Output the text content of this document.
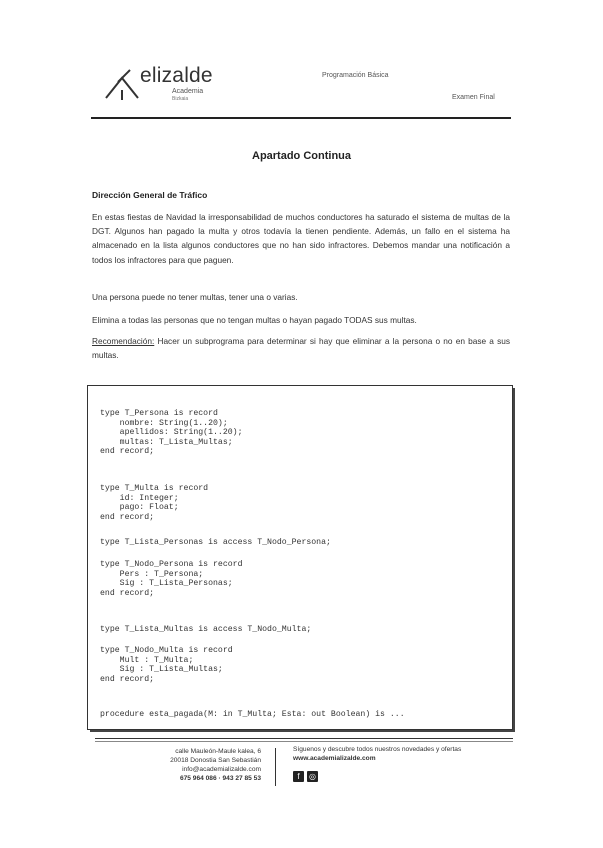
elizalde
Academia
Bizkaia
Programación Básica
Examen Final
Apartado Continua
Dirección General de Tráfico
En estas fiestas de Navidad la irresponsabilidad de muchos conductores ha saturado el sistema de multas de la DGT. Algunos han pagado la multa y otros todavía la tienen pendiente. Además, un fallo en el sistema ha almacenado en la lista algunos conductores que no han sido infractores. Debemos mandar una notificación a todos los infractores para que paguen.
Una persona puede no tener multas, tener una o varias.
Elimina a todas las personas que no tengan multas o hayan pagado TODAS sus multas.
Recomendación: Hacer un subprograma para determinar si hay que eliminar a la persona o no en base a sus multas.
type T_Persona is record
nombre: String(1..20);
apellidos: String(1..20);
multas: T_Lista_Multas;
end record;
type T_Multa is record
id: Integer;
pago: Float;
end record;
type T_Lista_Personas is access T_Nodo_Persona;
type T_Nodo_Persona is record
Pers : T_Persona;
Sig : T_Lista_Personas;
end record;
type T_Lista_Multas is access T_Nodo_Multa;
type T_Nodo_Multa is record
Mult : T_Multa;
Sig : T_Lista_Multas;
end record;
procedure esta_pagada(M: in T_Multa; Esta: out Boolean) is ...
calle Mauleón-Maule kalea, 6
20018 Donostia San Sebastián
info@academializalde.com
675 964 086 · 943 27 85 53
Síguenos y descubre todos nuestros novedades y ofertas
www.academializalde.com
f ◎
